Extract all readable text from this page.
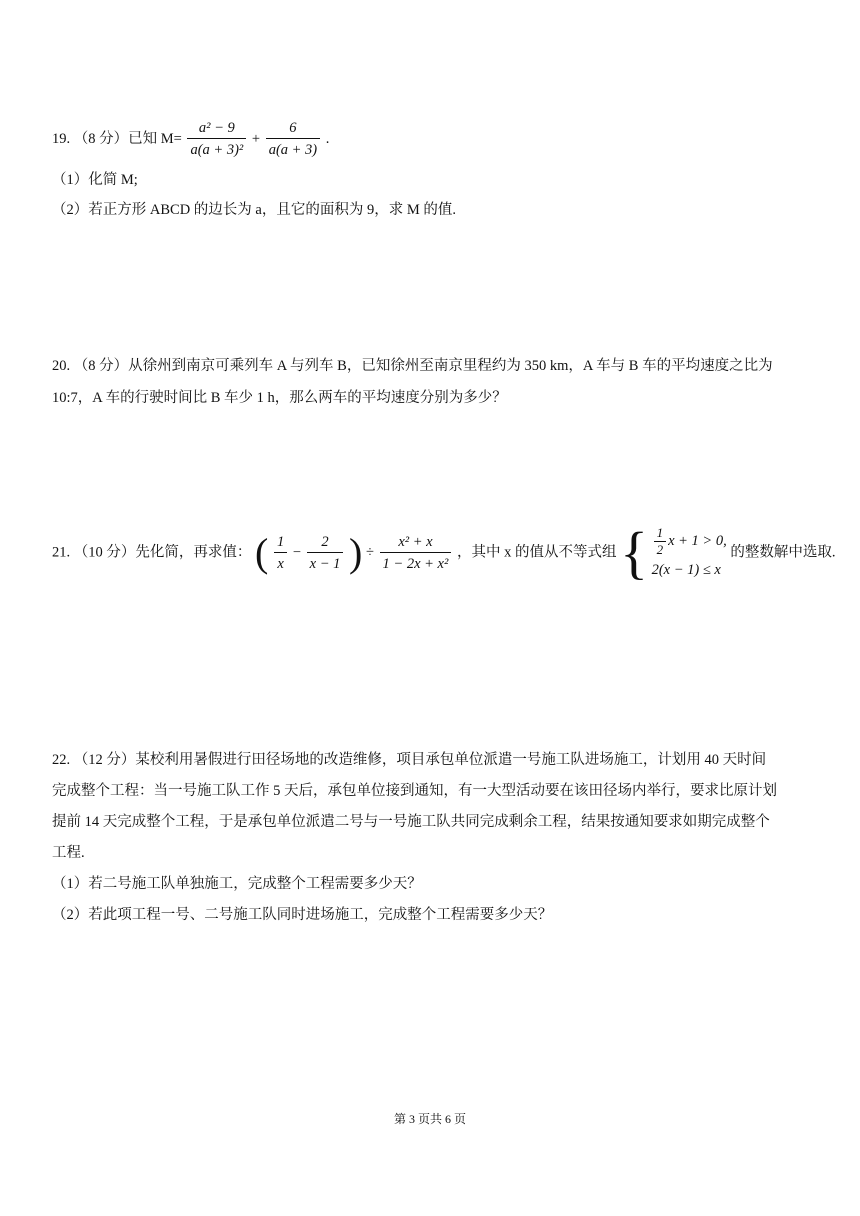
19. （8 分）已知 $M= \frac{\text{a² − 9}}{\text{a(a + 3)²}} + \frac{6}{a(a + 3)}$ .
（1）化简 M;
（2）若正方形 ABCD 的边长为 a，且它的面积为 9，求 M 的值.
20. （8 分）从徐州到南京可乘列车 A 与列车 B，已知徐州至南京里程约为 350 km，A 车与 B 车的平均速度之比为
10:7，A 车的行驶时间比 B 车少 1 h，那么两车的平均速度分别为多少？
21. （10 分）先化简，再求值： ( $\frac{1}{x} - \frac{2}{x - 1}$ ) ÷ $\frac{\text{x² + x}}{\text{1 − 2x + x²}}$ ，其中 x 的值从不等式组 { $\frac{1}{2}$ x + 1 > 0,
2(x − 1) ≤ x
的整数解中选取.
22. （12 分）某校利用暑假进行田径场地的改造维修，项目承包单位派遣一号施工队进场施工，计划用 40 天时间
完成整个工程：当一号施工队工作 5 天后，承包单位接到通知，有一大型活动要在该田径场内举行，要求比原计划
提前 14 天完成整个工程，于是承包单位派遣二号与一号施工队共同完成剩余工程，结果按通知要求如期完成整个
工程.
（1）若二号施工队单独施工，完成整个工程需要多少天？
（2）若此项工程一号、二号施工队同时进场施工，完成整个工程需要多少天？
第 3 页共 6 页
